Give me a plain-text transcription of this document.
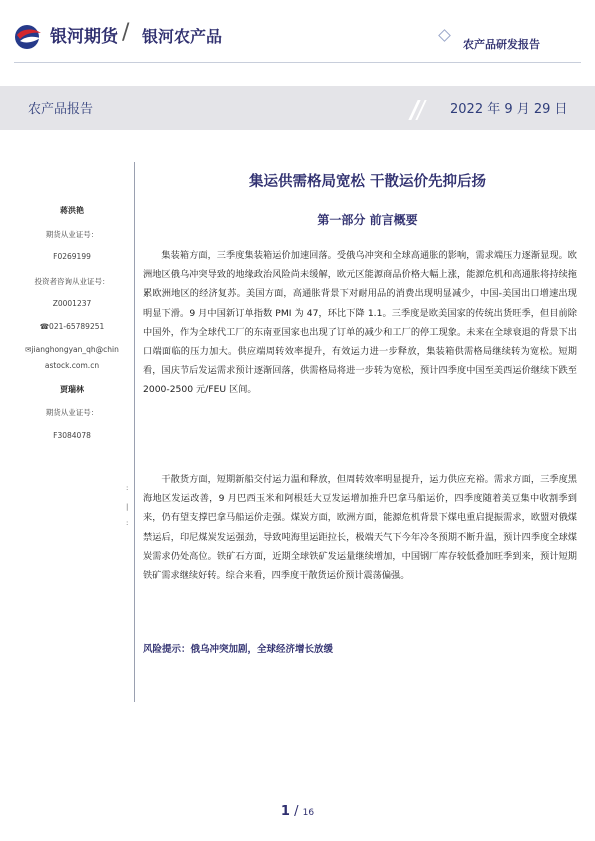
银河期货 / 银河农产品	农产品研发报告
农产品报告	2022 年 9 月 29 日
蒋洪艳
期货从业证号：
F0269199
投资者咨询从业证号：
Z0001237
☎021-65789251
✉jianghongyan_qh@chin
astock.com.cn
贾瑞林
期货从业证号：
F3084078
:
|
:
集运供需格局宽松 干散运价先抑后扬
第一部分 前言概要

集装箱方面，三季度集装箱运价加速回落。受俄乌冲突和全球高通胀的影响，需求端压力逐渐显现。欧洲地区俄乌冲突导致的地缘政治风险尚未缓解，欧元区能源商品价格大幅上涨，能源危机和高通胀将持续拖累欧洲地区的经济复苏。美国方面，高通胀背景下对耐用品的消费出现明显减少，中国-美国出口增速出现明显下滑。9 月中国新订单指数 PMI 为 47，环比下降 1.1。三季度是欧美国家的传统出货旺季，但目前除中国外，作为全球代工厂的东南亚国家也出现了订单的减少和工厂的停工现象。未来在全球衰退的背景下出口端面临的压力加大。供应端周转效率提升，有效运力进一步释放，集装箱供需格局继续转为宽松。短期看，国庆节后发运需求预计逐渐回落，供需格局将进一步转为宽松，预计四季度中国至美西运价继续下跌至 2000-2500 元/FEU 区间。

干散货方面，短期新船交付运力温和释放，但周转效率明显提升，运力供应充裕。需求方面，三季度黑海地区发运改善，9 月巴西玉米和阿根廷大豆发运增加推升巴拿马船运价，四季度随着美豆集中收割季到来，仍有望支撑巴拿马船运价走强。煤炭方面，欧洲方面，能源危机背景下煤电重启提振需求，欧盟对俄煤禁运后，印尼煤炭发运强劲，导致吨海里运距拉长，极端天气下今年冷冬预期不断升温，预计四季度全球煤炭需求仍处高位。铁矿石方面，近期全球铁矿发运量继续增加，中国钢厂库存较低叠加旺季到来，预计短期铁矿需求继续好转。综合来看，四季度干散货运价预计震荡偏强。

风险提示：俄乌冲突加剧，全球经济增长放缓
1 / 16
